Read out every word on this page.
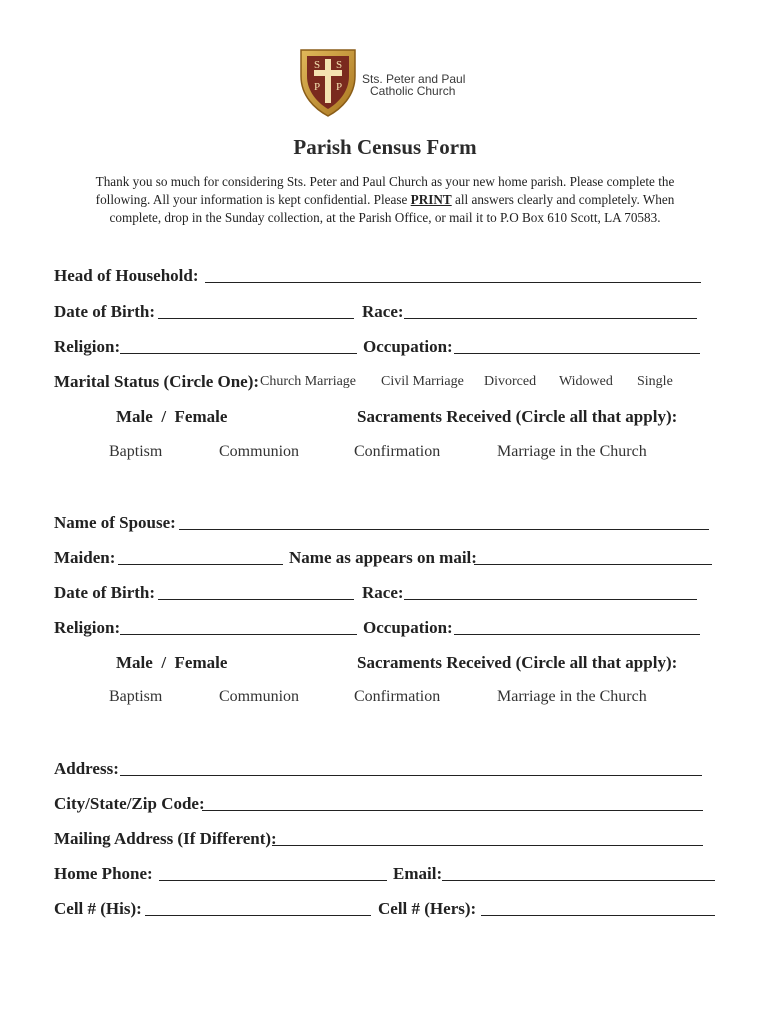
S S
P P
Sts. Peter and Paul
Catholic Church
Parish Census Form
Thank you so much for considering Sts. Peter and Paul Church as your new home parish. Please complete the
following. All your information is kept confidential. Please PRINT all answers clearly and completely. When
complete, drop in the Sunday collection, at the Parish Office, or mail it to P.O Box 610 Scott, LA 70583.
Head of Household:
Date of Birth:	Race:
Religion:	Occupation:
Marital Status (Circle One): Church Marriage Civil Marriage Divorced Widowed Single
Male  /  Female	Sacraments Received (Circle all that apply):
Baptism	Communion	Confirmation	Marriage in the Church
Name of Spouse:
Maiden:	Name as appears on mail:
Date of Birth:	Race:
Religion:	Occupation:
Male  /  Female	Sacraments Received (Circle all that apply):
Baptism	Communion	Confirmation	Marriage in the Church
Address:
City/State/Zip Code:
Mailing Address (If Different):
Home Phone:	Email:
Cell # (His):	Cell # (Hers):
